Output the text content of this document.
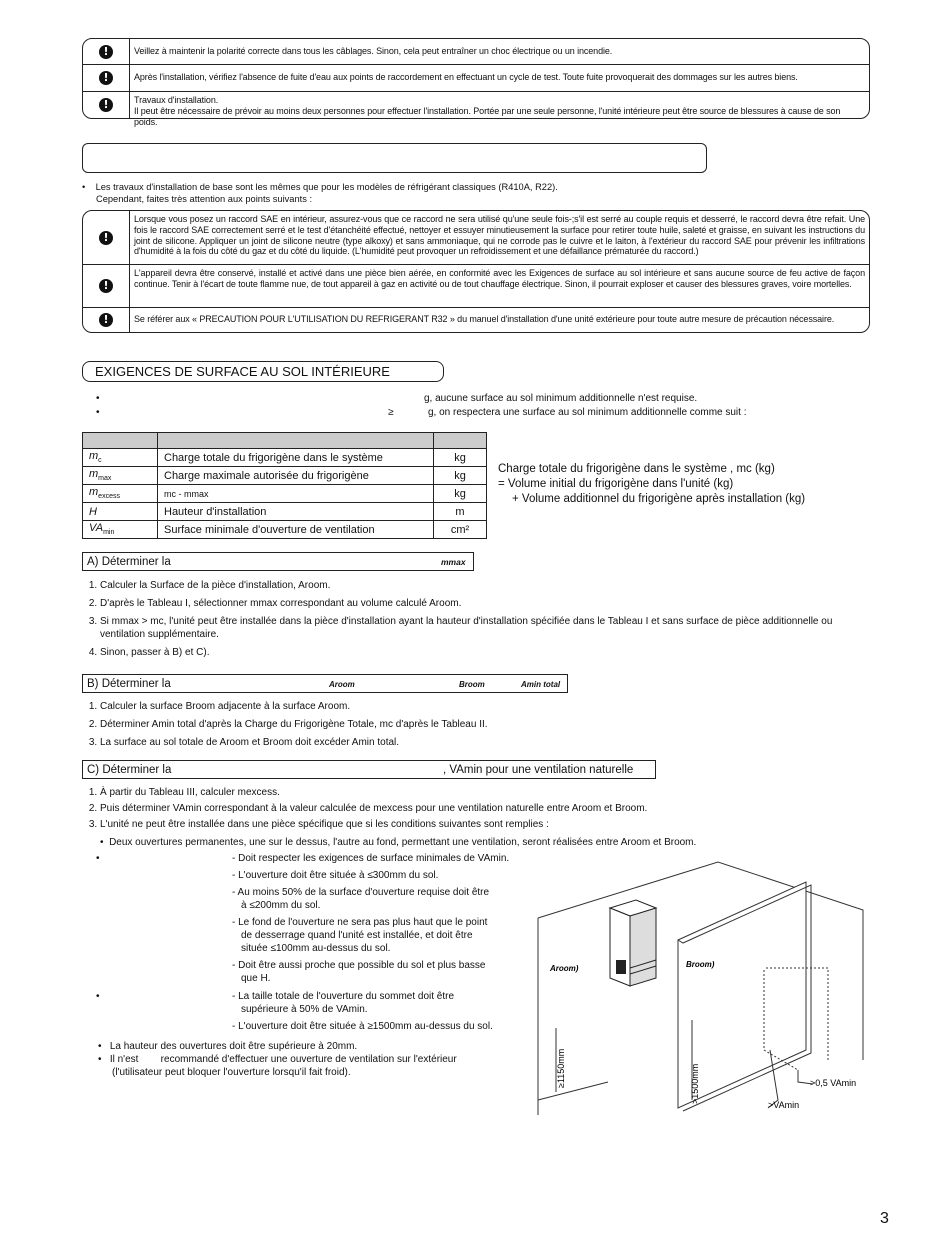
!	Veillez à maintenir la polarité correcte dans tous les câblages. Sinon, cela peut entraîner un choc électrique ou un incendie.
!	Après l'installation, vérifiez l'absence de fuite d'eau aux points de raccordement en effectuant un cycle de test. Toute fuite provoquerait des dommages sur les autres biens.
!	Travaux d'installation.
Il peut être nécessaire de prévoir au moins deux personnes pour effectuer l'installation. Portée par une seule personne, l'unité intérieure peut être source de blessures à cause de son poids.
•    Les travaux d'installation de base sont les mêmes que pour les modèles de réfrigérant classiques (R410A, R22).
Cependant, faites très attention aux points suivants :
!
Lorsque vous posez un raccord SAE en intérieur, assurez-vous que ce raccord ne sera utilisé qu'une seule fois-;s'il est serré au couple requis et desserré, le raccord devra être refait. Une fois le raccord SAE correctement serré et le test d'étanchéité effectué, nettoyer et essuyer minutieusement la surface pour retirer toute huile, saleté et graisse, en suivant les instructions du joint de silicone. Appliquer un joint de silicone neutre (type alkoxy) et sans ammoniaque, qui ne corrode pas le cuivre et le laiton, à l'extérieur du raccord SAE pour prévenir les infiltrations d'humidité à la fois du côté du gaz et du côté du liquide. (L'humidité peut provoquer un refroidissement et une défaillance prématurée du raccord.)
!
L'appareil devra être conservé, installé et activé dans une pièce bien aérée, en conformité avec les Exigences de surface au sol intérieure et sans aucune source de feu active de façon continue. Tenir à l'écart de toute flamme nue, de tout appareil à gaz en activité ou de tout chauffage électrique. Sinon, il pourrait exploser et causer des blessures graves, voire mortelles.
!	Se référer aux « PRECAUTION POUR L'UTILISATION DU REFRIGERANT R32 » du manuel d'installation d'une unité extérieure pour toute autre mesure de précaution nécessaire.
EXIGENCES DE SURFACE AU SOL INTÉRIEURE
•	g, aucune surface au sol minimum additionnelle n'est requise.
•	≥	g, on respectera une surface au sol minimum additionnelle comme suit :

$m_c$	Charge totale du frigorigène dans le système	kg
$m_{max}$	Charge maximale autorisée du frigorigène	kg
$m_{excess}$	mc - mmax	kg
H	Hauteur d'installation	m
$VA_{min}$	Surface minimale d'ouverture de ventilation	cm²
Charge totale du frigorigène dans le système , mc (kg)
= Volume initial du frigorigène dans l'unité (kg)
+ Volume additionnel du frigorigène après installation (kg)
A) Déterminer la	mmax
1. Calculer la Surface de la pièce d'installation, Aroom.
2. D'après le Tableau I, sélectionner mmax correspondant au volume calculé Aroom.
3. Si mmax > mc, l'unité peut être installée dans la pièce d'installation ayant la hauteur d'installation spécifiée dans le Tableau I et sans surface de pièce additionnelle ou ventilation supplémentaire.
4. Sinon, passer à B) et C).
B) Déterminer la	Aroom	Broom	Amin total
1. Calculer la surface Broom adjacente à la surface Aroom.
2. Déterminer Amin total d'après la Charge du Frigorigène Totale, mc d'après le Tableau II.
3. La surface au sol totale de Aroom et Broom doit excéder Amin total.
C) Déterminer la	, VAmin pour une ventilation naturelle
1. À partir du Tableau III, calculer mexcess.
2. Puis déterminer VAmin correspondant à la valeur calculée de mexcess pour une ventilation naturelle entre Aroom et Broom.
3. L'unité ne peut être installée dans une pièce spécifique que si les conditions suivantes sont remplies :
•  Deux ouvertures permanentes, une sur le dessus, l'autre au fond, permettant une ventilation, seront réalisées entre Aroom et Broom.
•	- Doit respecter les exigences de surface minimales de VAmin.
- L'ouverture doit être située à ≤300mm du sol.
- Au moins 50% de la surface d'ouverture requise doit être
à ≤200mm du sol.
- Le fond de l'ouverture ne sera pas plus haut que le point
de desserrage quand l'unité est installée, et doit être
située ≤100mm au-dessus du sol.
- Doit être aussi proche que possible du sol et plus basse
que H.
•	- La taille totale de l'ouverture du sommet doit être
supérieure à 50% de VAmin.
- L'ouverture doit être située à ≥1500mm au-dessus du sol.
•   La hauteur des ouvertures doit être supérieure à 20mm.
•   Il n'est recommandé d'effectuer une ouverture de ventilation sur l'extérieur
(l'utilisateur peut bloquer l'ouverture lorsqu'il fait froid).
Aroom)	Broom)
≥1150mm	>1500mm	>0,5 VAmin
>VAmin
3
